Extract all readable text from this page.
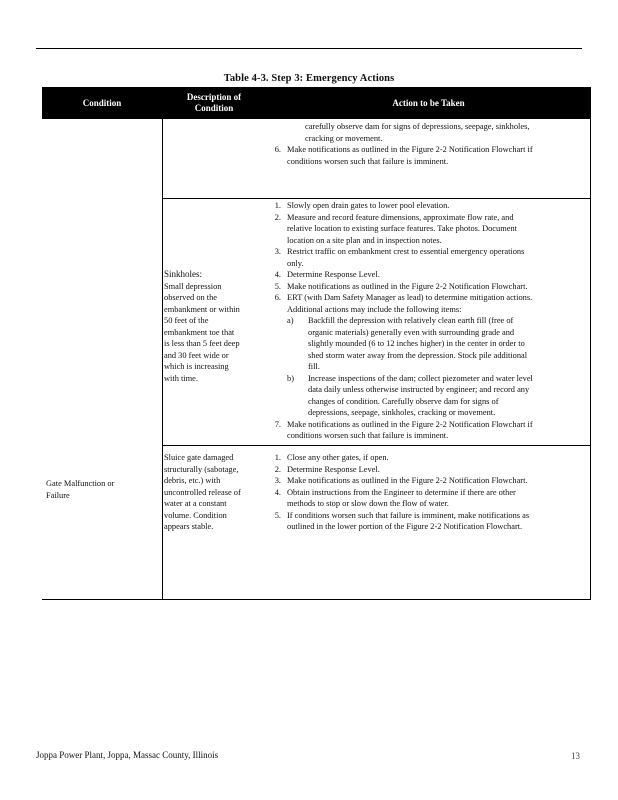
Table 4-3. Step 3: Emergency Actions
Condition
Description of
Condition
Action to be Taken
carefully observe dam for signs of depressions, seepage, sinkholes,
cracking or movement.
6. Make notifications as outlined in the Figure 2-2 Notification Flowchart if
conditions worsen such that failure is imminent.
Sinkholes:
Small depression
observed on the
embankment or within
50 feet of the
embankment toe that
is less than 5 feet deep
and 30 feet wide or
which is increasing
with time.
1. Slowly open drain gates to lower pool elevation.
2. Measure and record feature dimensions, approximate flow rate, and
relative location to existing surface features. Take photos. Document
location on a site plan and in inspection notes.
3. Restrict traffic on embankment crest to essential emergency operations
only.
4. Determine Response Level.
5. Make notifications as outlined in the Figure 2-2 Notification Flowchart.
6. ERT (with Dam Safety Manager as lead) to determine mitigation actions.
Additional actions may include the following items:
a) Backfill the depression with relatively clean earth fill (free of
organic materials) generally even with surrounding grade and
slightly mounded (6 to 12 inches higher) in the center in order to
shed storm water away from the depression. Stock pile additional
fill.
b) Increase inspections of the dam; collect piezometer and water level
data daily unless otherwise instructed by engineer; and record any
changes of condition. Carefully observe dam for signs of
depressions, seepage, sinkholes, cracking or movement.
7. Make notifications as outlined in the Figure 2-2 Notification Flowchart if
conditions worsen such that failure is imminent.
Gate Malfunction or
Failure
Sluice gate damaged
structurally (sabotage,
debris, etc.) with
uncontrolled release of
water at a constant
volume. Condition
appears stable.
1. Close any other gates, if open.
2. Determine Response Level.
3. Make notifications as outlined in the Figure 2-2 Notification Flowchart.
4. Obtain instructions from the Engineer to determine if there are other
methods to stop or slow down the flow of water.
5. If conditions worsen such that failure is imminent, make notifications as
outlined in the lower portion of the Figure 2-2 Notification Flowchart.
Joppa Power Plant, Joppa, Massac County, Illinois	13
